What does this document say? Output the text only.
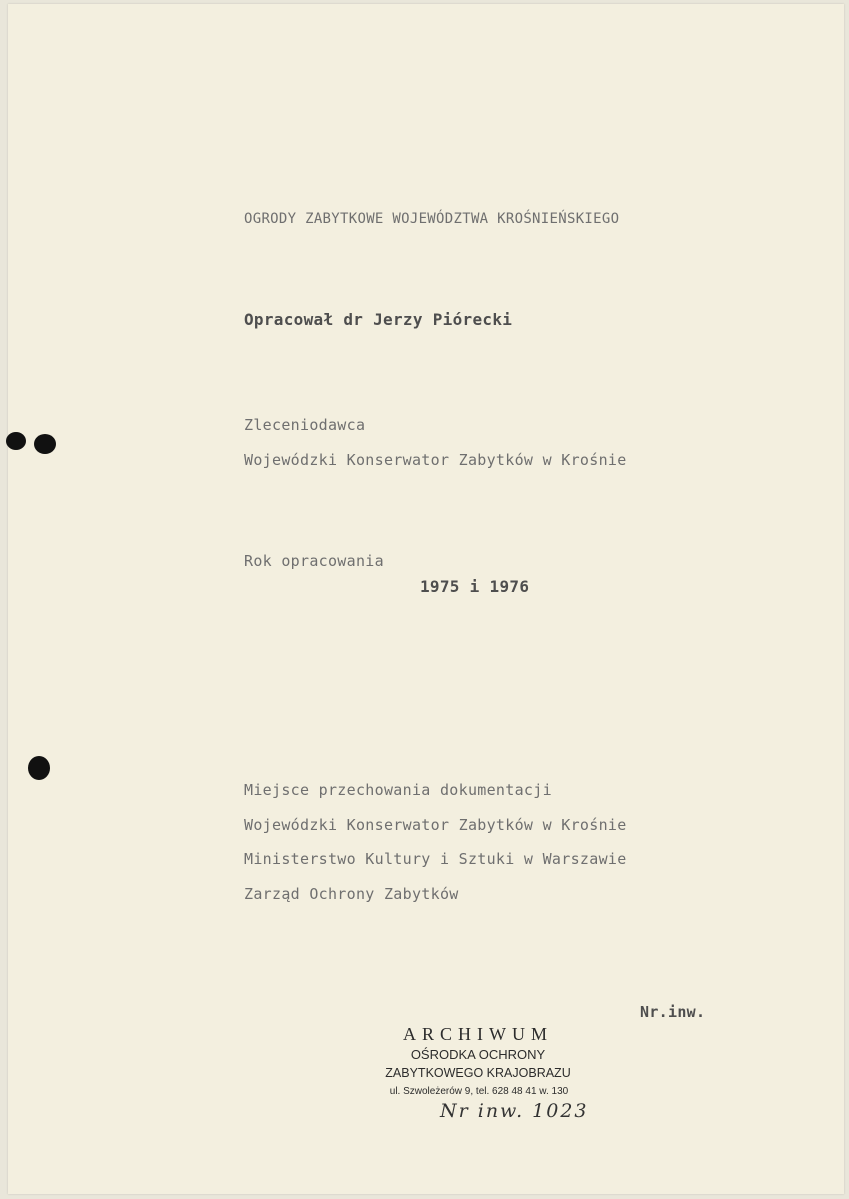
OGRODY ZABYTKOWE WOJEWÓDZTWA KROŚNIEŃSKIEGO
Opracował dr Jerzy Piórecki
Zleceniodawca
Wojewódzki Konserwator Zabytków w Krośnie
Rok opracowania
1975 i 1976
Miejsce przechowania dokumentacji
Wojewódzki Konserwator Zabytków w Krośnie
Ministerstwo Kultury i Sztuki w Warszawie
Zarząd Ochrony Zabytków
Nr.inw.
ARCHIWUM
OŚRODKA OCHRONY
ZABYTKOWEGO KRAJOBRAZU
ul. Szwoleżerów 9, tel. 628 48 41 w. 130
Nr inw. 1023
